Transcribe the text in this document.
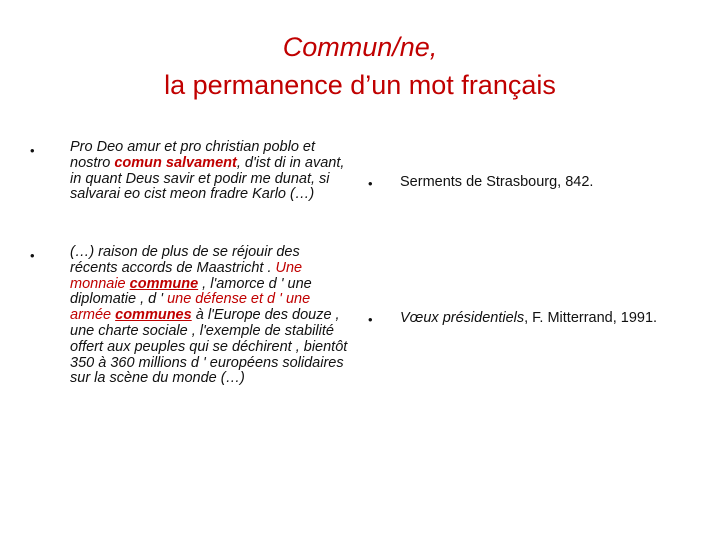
Commun/ne,
la permanence d’un mot français
• Pro Deo amur et pro christian poblo et nostro comun salvament, d'ist di in avant, in quant Deus savir et podir me dunat, si salvarai eo cist meon fradre Karlo (…)
• (…) raison de plus de se réjouir des récents accords de Maastricht . Une monnaie commune , l'amorce d ' une diplomatie , d ' une défense et d ' une armée communes à l'Europe des douze , une charte sociale , l'exemple de stabilité offert aux peuples qui se déchirent , bientôt 350 à 360 millions d ' européens solidaires sur la scène du monde (…)
• Serments de Strasbourg, 842.
• Vœux présidentiels, F. Mitterrand, 1991.
